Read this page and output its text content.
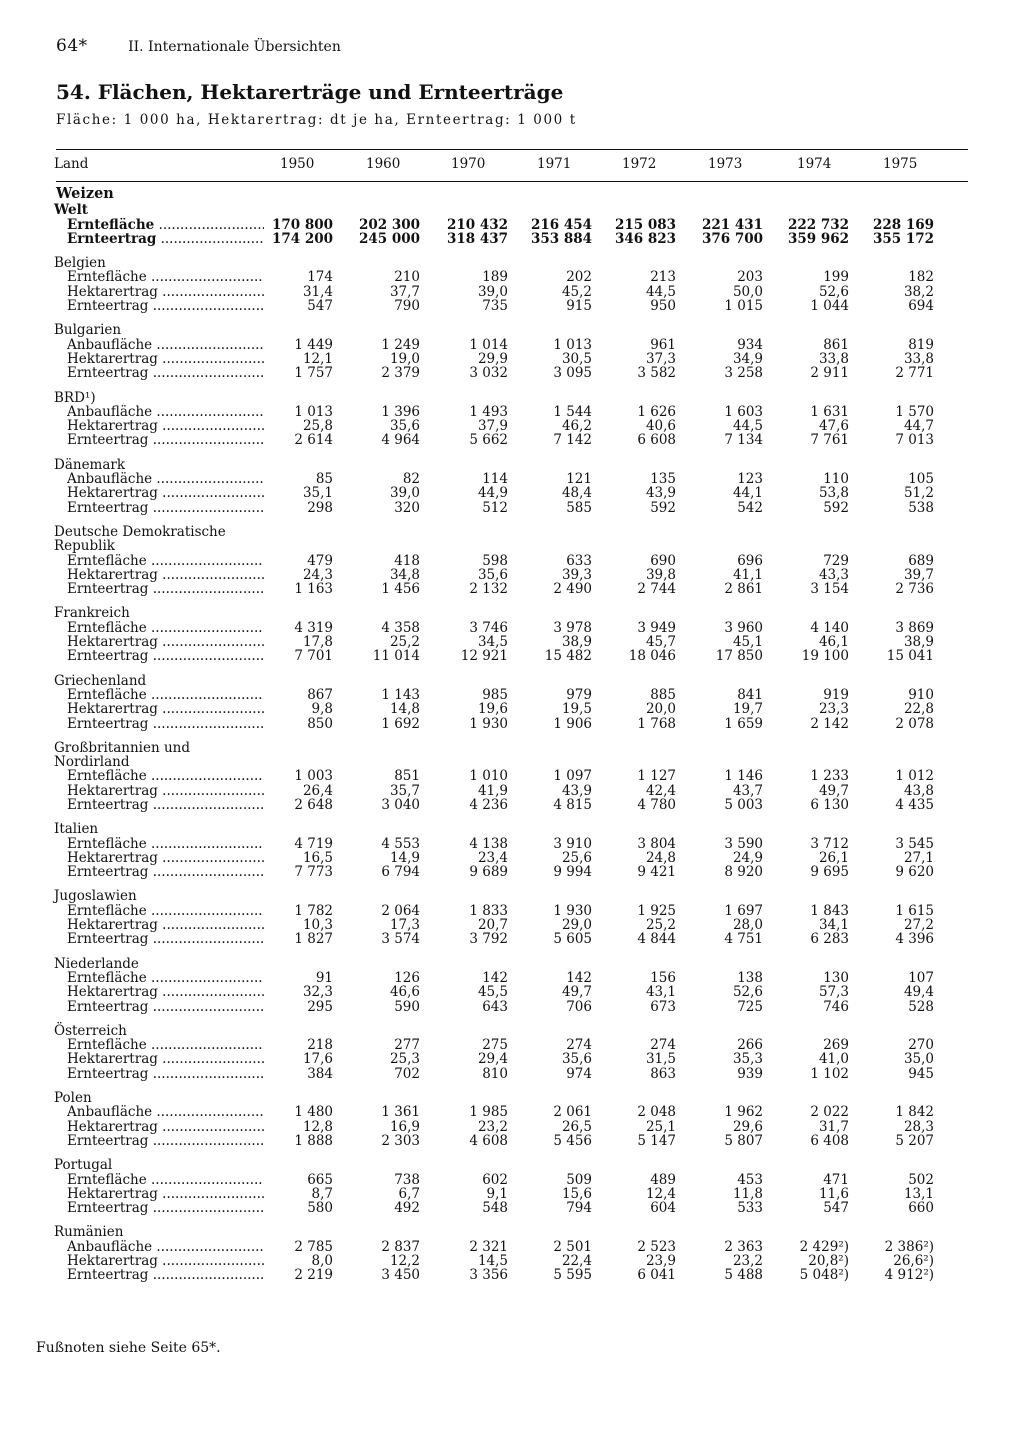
64*	II. Internationale Übersichten
54. Flächen, Hektarerträge und Ernteerträge
Fläche: 1 000 ha, Hektarertrag: dt je ha, Ernteertrag: 1 000 t
Land	1950	1960	1970	1971	1972	1973	1974	1975
Weizen
Welt
Erntefläche .....	170 800	202 300	210 432	216 454	215 083	221 431	222 732	228 169
Ernteertrag .....	174 200	245 000	318 437	353 884	346 823	376 700	359 962	355 172
Belgien
Erntefläche .....	174	210	189	202	213	203	199	182
Hektarertrag .....	31,4	37,7	39,0	45,2	44,5	50,0	52,6	38,2
Ernteertrag .....	547	790	735	915	950	1 015	1 044	694
Bulgarien
Anbaufläche .....	1 449	1 249	1 014	1 013	961	934	861	819
Hektarertrag .....	12,1	19,0	29,9	30,5	37,3	34,9	33,8	33,8
Ernteertrag .....	1 757	2 379	3 032	3 095	3 582	3 258	2 911	2 771
BRD¹)
Anbaufläche .....	1 013	1 396	1 493	1 544	1 626	1 603	1 631	1 570
Hektarertrag .....	25,8	35,6	37,9	46,2	40,6	44,5	47,6	44,7
Ernteertrag .....	2 614	4 964	5 662	7 142	6 608	7 134	7 761	7 013
Dänemark
Anbaufläche .....	85	82	114	121	135	123	110	105
Hektarertrag .....	35,1	39,0	44,9	48,4	43,9	44,1	53,8	51,2
Ernteertrag .....	298	320	512	585	592	542	592	538
Deutsche Demokratische
Republik
Erntefläche .....	479	418	598	633	690	696	729	689
Hektarertrag .....	24,3	34,8	35,6	39,3	39,8	41,1	43,3	39,7
Ernteertrag .....	1 163	1 456	2 132	2 490	2 744	2 861	3 154	2 736
Frankreich
Erntefläche .....	4 319	4 358	3 746	3 978	3 949	3 960	4 140	3 869
Hektarertrag .....	17,8	25,2	34,5	38,9	45,7	45,1	46,1	38,9
Ernteertrag .....	7 701	11 014	12 921	15 482	18 046	17 850	19 100	15 041
Griechenland
Erntefläche .....	867	1 143	985	979	885	841	919	910
Hektarertrag .....	9,8	14,8	19,6	19,5	20,0	19,7	23,3	22,8
Ernteertrag .....	850	1 692	1 930	1 906	1 768	1 659	2 142	2 078
Großbritannien und
Nordirland
Erntefläche .....	1 003	851	1 010	1 097	1 127	1 146	1 233	1 012
Hektarertrag .....	26,4	35,7	41,9	43,9	42,4	43,7	49,7	43,8
Ernteertrag .....	2 648	3 040	4 236	4 815	4 780	5 003	6 130	4 435
Italien
Erntefläche .....	4 719	4 553	4 138	3 910	3 804	3 590	3 712	3 545
Hektarertrag .....	16,5	14,9	23,4	25,6	24,8	24,9	26,1	27,1
Ernteertrag .....	7 773	6 794	9 689	9 994	9 421	8 920	9 695	9 620
Jugoslawien
Erntefläche .....	1 782	2 064	1 833	1 930	1 925	1 697	1 843	1 615
Hektarertrag .....	10,3	17,3	20,7	29,0	25,2	28,0	34,1	27,2
Ernteertrag .....	1 827	3 574	3 792	5 605	4 844	4 751	6 283	4 396
Niederlande
Erntefläche .....	91	126	142	142	156	138	130	107
Hektarertrag .....	32,3	46,6	45,5	49,7	43,1	52,6	57,3	49,4
Ernteertrag .....	295	590	643	706	673	725	746	528
Österreich
Erntefläche .....	218	277	275	274	274	266	269	270
Hektarertrag .....	17,6	25,3	29,4	35,6	31,5	35,3	41,0	35,0
Ernteertrag .....	384	702	810	974	863	939	1 102	945
Polen
Anbaufläche .....	1 480	1 361	1 985	2 061	2 048	1 962	2 022	1 842
Hektarertrag .....	12,8	16,9	23,2	26,5	25,1	29,6	31,7	28,3
Ernteertrag .....	1 888	2 303	4 608	5 456	5 147	5 807	6 408	5 207
Portugal
Erntefläche .....	665	738	602	509	489	453	471	502
Hektarertrag .....	8,7	6,7	9,1	15,6	12,4	11,8	11,6	13,1
Ernteertrag .....	580	492	548	794	604	533	547	660
Rumänien
Anbaufläche .....	2 785	2 837	2 321	2 501	2 523	2 363	2 429²)	2 386²)
Hektarertrag .....	8,0	12,2	14,5	22,4	23,9	23,2	20,8²)	26,6²)
Ernteertrag .....	2 219	3 450	3 356	5 595	6 041	5 488	5 048²)	4 912²)
Fußnoten siehe Seite 65*.
